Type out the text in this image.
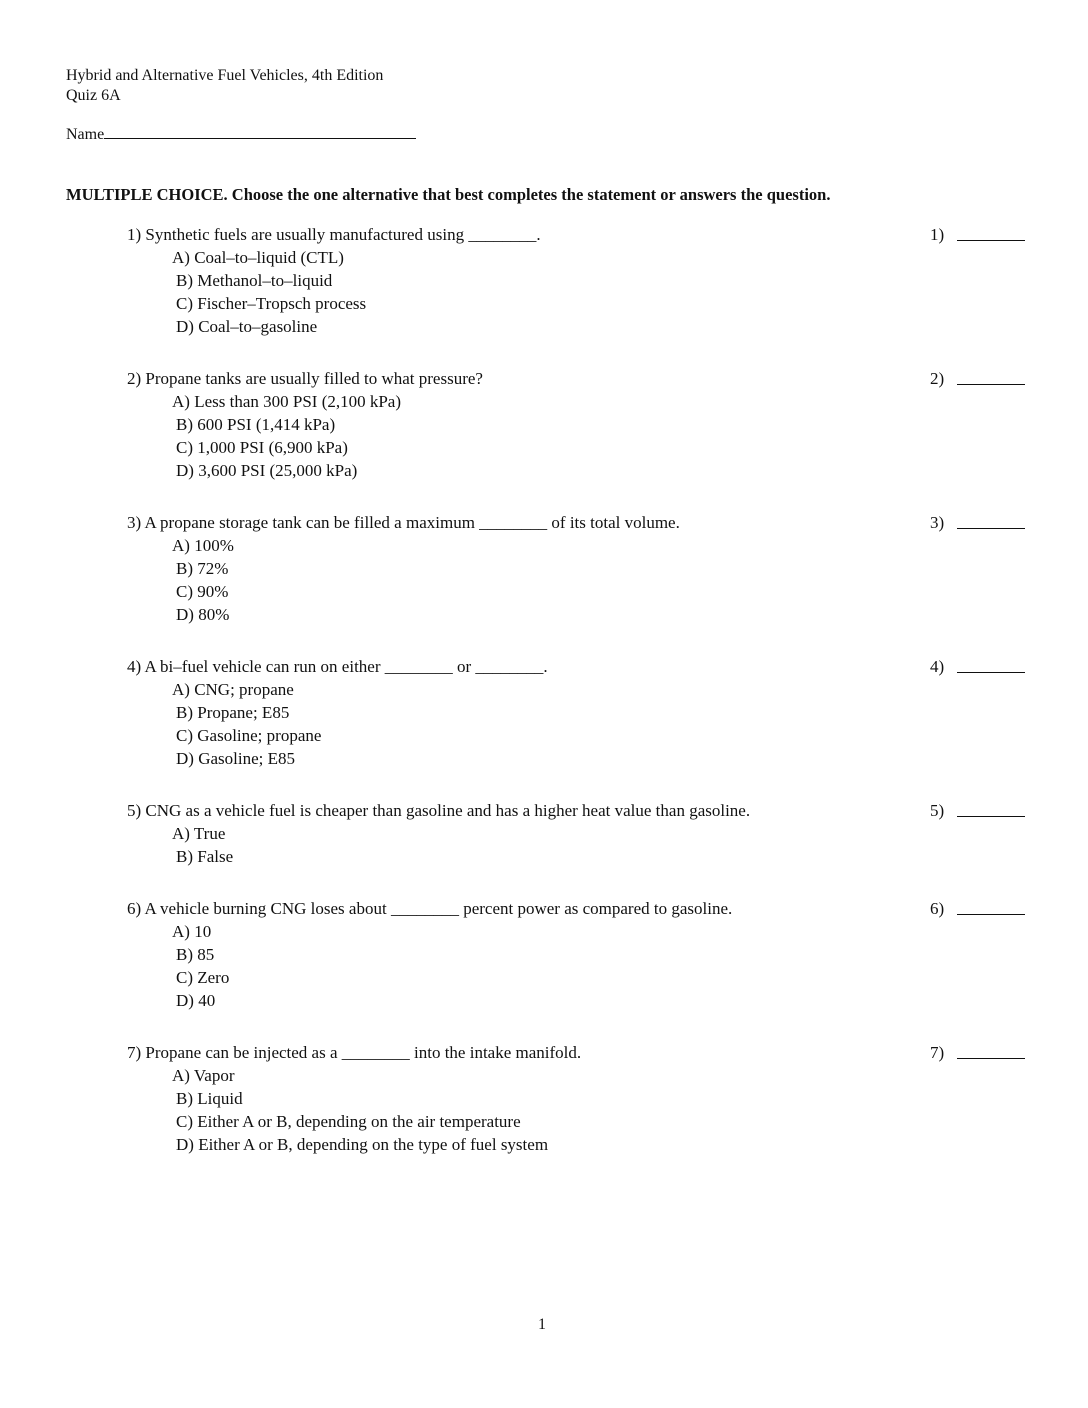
Hybrid and Alternative Fuel Vehicles, 4th Edition
Quiz 6A
Name
MULTIPLE CHOICE. Choose the one alternative that best completes the statement or answers the question.
1) Synthetic fuels are usually manufactured using ________.
A) Coal–to–liquid (CTL)
B) Methanol–to–liquid
C) Fischer–Tropsch process
D) Coal–to–gasoline
1)
2) Propane tanks are usually filled to what pressure?
A) Less than 300 PSI (2,100 kPa)
B) 600 PSI (1,414 kPa)
C) 1,000 PSI (6,900 kPa)
D) 3,600 PSI (25,000 kPa)
2)
3) A propane storage tank can be filled a maximum ________ of its total volume.
A) 100%
B) 72%
C) 90%
D) 80%
3)
4) A bi–fuel vehicle can run on either ________ or ________.
A) CNG; propane
B) Propane; E85
C) Gasoline; propane
D) Gasoline; E85
4)
5) CNG as a vehicle fuel is cheaper than gasoline and has a higher heat value than gasoline.
A) True
B) False
5)
6) A vehicle burning CNG loses about ________ percent power as compared to gasoline.
A) 10
B) 85
C) Zero
D) 40
6)
7) Propane can be injected as a ________ into the intake manifold.
A) Vapor
B) Liquid
C) Either A or B, depending on the air temperature
D) Either A or B, depending on the type of fuel system
7)
1
